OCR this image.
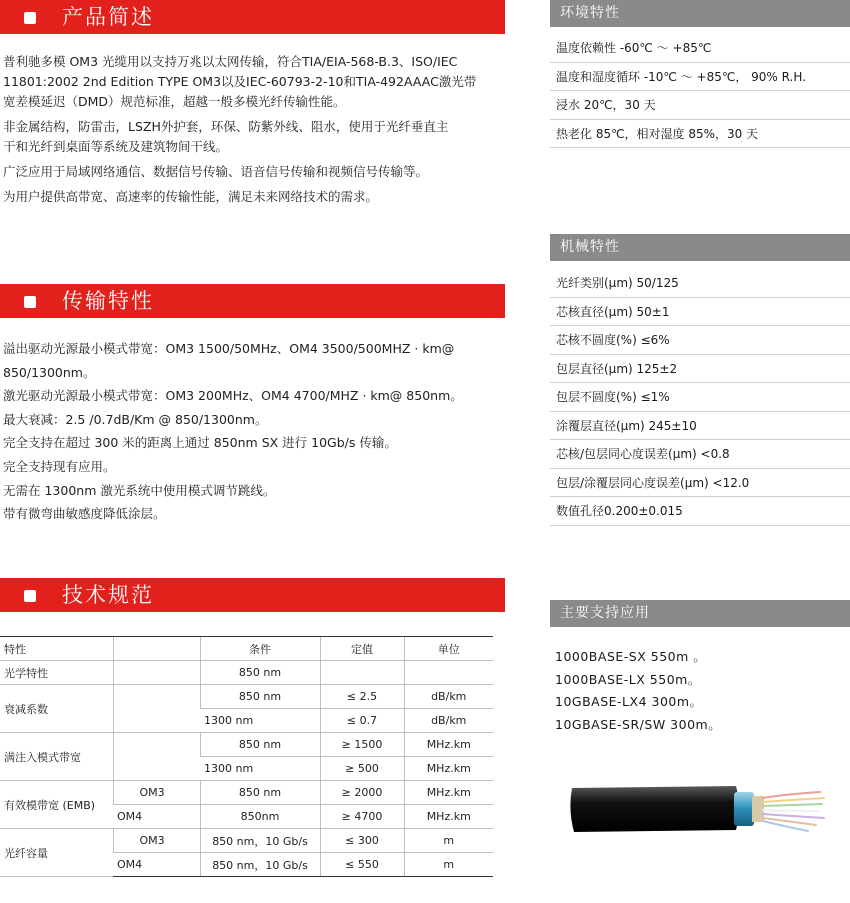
产品简述

普利驰多模 OM3 光缆用以支持万兆以太网传输，符合TIA/EIA-568-B.3、ISO/IEC

11801:2002 2nd Edition TYPE OM3以及IEC-60793-2-10和TIA-492AAAC激光带

宽差模延迟（DMD）规范标准，超越一般多模光纤传输性能。

非金属结构，防雷击，LSZH外护套，环保、防紫外线、阻水，使用于光纤垂直主

干和光纤到桌面等系统及建筑物间干线。

广泛应用于局域网络通信、数据信号传输、语音信号传输和视频信号传输等。

为用户提供高带宽、高速率的传输性能，满足未来网络技术的需求。

传输特性

溢出驱动光源最小模式带宽：OM3 1500/50MHz、OM4 3500/500MHZ · km@

850/1300nm。

激光驱动光源最小模式带宽：OM3 200MHz、OM4 4700/MHZ · km@ 850nm。

最大衰减：2.5 /0.7dB/Km @ 850/1300nm。

完全支持在超过 300 米的距离上通过 850nm SX 进行 10Gb/s 传输。

完全支持现有应用。

无需在 1300nm 激光系统中使用模式调节跳线。

带有微弯曲敏感度降低涂层。

技术规范
特性		条件	定值	单位
光学特性		850 nm		
衰减系数		850 nm	≤ 2.5	dB/km
		1300 nm	≤ 0.7	dB/km
满注入模式带宽		850 nm	≥ 1500	MHz.km
		1300 nm	≥ 500	MHz.km
有效模带宽 (EMB)	OM3	850 nm	≥ 2000	MHz.km
	OM4	850nm	≥ 4700	MHz.km
光纤容量	OM3	850 nm，10 Gb/s	≤ 300	m
	OM4	850 nm，10 Gb/s	≤ 550	m
环境特性
温度依赖性 -60℃ ～ +85℃
温度和湿度循环 -10℃ ～ +85℃， 90% R.H.
浸水 20℃，30 天
热老化 85℃，相对湿度 85%，30 天
机械特性
光纤类别(μm) 50/125
芯核直径(μm) 50±1
芯核不圆度(%) ≤6%
包层直径(μm) 125±2
包层不圆度(%) ≤1%
涂覆层直径(μm) 245±10
芯核/包层同心度误差(μm) <0.8
包层/涂覆层同心度误差(μm) <12.0
数值孔径0.200±0.015
主要支持应用

1000BASE-SX 550m 。

1000BASE-LX 550m。

10GBASE-LX4 300m。

10GBASE-SR/SW 300m。
